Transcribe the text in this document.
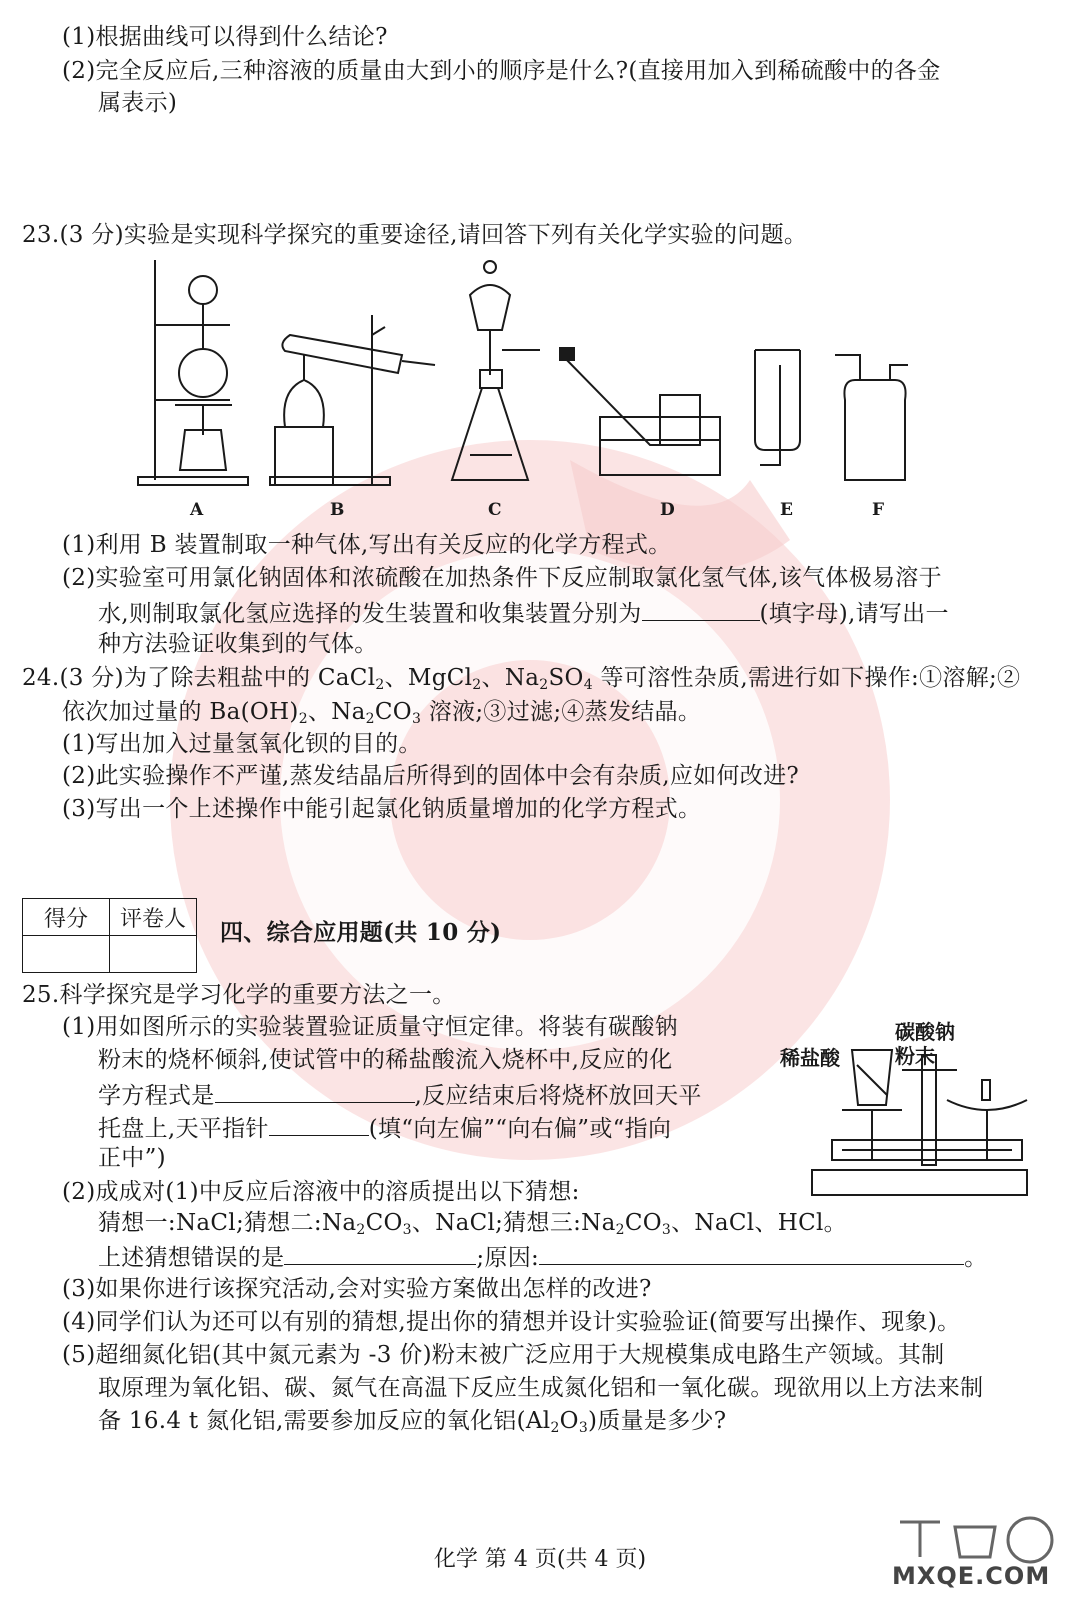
(1)根据曲线可以得到什么结论?
(2)完全反应后,三种溶液的质量由大到小的顺序是什么?(直接用加入到稀硫酸中的各金
属表示)
23.(3 分)实验是实现科学探究的重要途径,请回答下列有关化学实验的问题。
A	B	C	D	E	F
(1)利用 B 装置制取一种气体,写出有关反应的化学方程式。
(2)实验室可用氯化钠固体和浓硫酸在加热条件下反应制取氯化氢气体,该气体极易溶于
水,则制取氯化氢应选择的发生装置和收集装置分别为	(填字母),请写出一
种方法验证收集到的气体。
24.(3 分)为了除去粗盐中的 CaCl$_2$、MgCl$_2$、$Na_2SO_4$ 等可溶性杂质,需进行如下操作:①溶解;②
依次加过量的 $Ba(OH)_2$、$Na_2CO_3$ 溶液;③过滤;④蒸发结晶。
(1)写出加入过量氢氧化钡的目的。
(2)此实验操作不严谨,蒸发结晶后所得到的固体中会有杂质,应如何改进?
(3)写出一个上述操作中能引起氯化钠质量增加的化学方程式。
得分	评卷人
	四、综合应用题(共 10 分)
25.科学探究是学习化学的重要方法之一。
(1)用如图所示的实验装置验证质量守恒定律。将装有碳酸钠
粉末的烧杯倾斜,使试管中的稀盐酸流入烧杯中,反应的化
学方程式是	,反应结束后将烧杯放回天平
托盘上,天平指针	(填“向左偏”“向右偏”或“指向
正中”)
稀盐酸
碳酸钠
粉末
(2)成成对(1)中反应后溶液中的溶质提出以下猜想:
猜想一:NaCl;猜想二$:Na_2CO_3$、NaCl;猜想三$:Na_2CO_3$、NaCl、HCl。
上述猜想错误的是	;原因:	。
(3)如果你进行该探究活动,会对实验方案做出怎样的改进?
(4)同学们认为还可以有别的猜想,提出你的猜想并设计实验验证(简要写出操作、现象)。
(5)超细氮化铝(其中氮元素为 -3 价)粉末被广泛应用于大规模集成电路生产领域。其制
取原理为氧化铝、碳、氮气在高温下反应生成氮化铝和一氧化碳。现欲用以上方法来制
备 16.4 t 氮化铝,需要参加反应的氧化铝$(Al_2O_3)$质量是多少?
化学 第 4 页(共 4 页)
MXQE.COM
